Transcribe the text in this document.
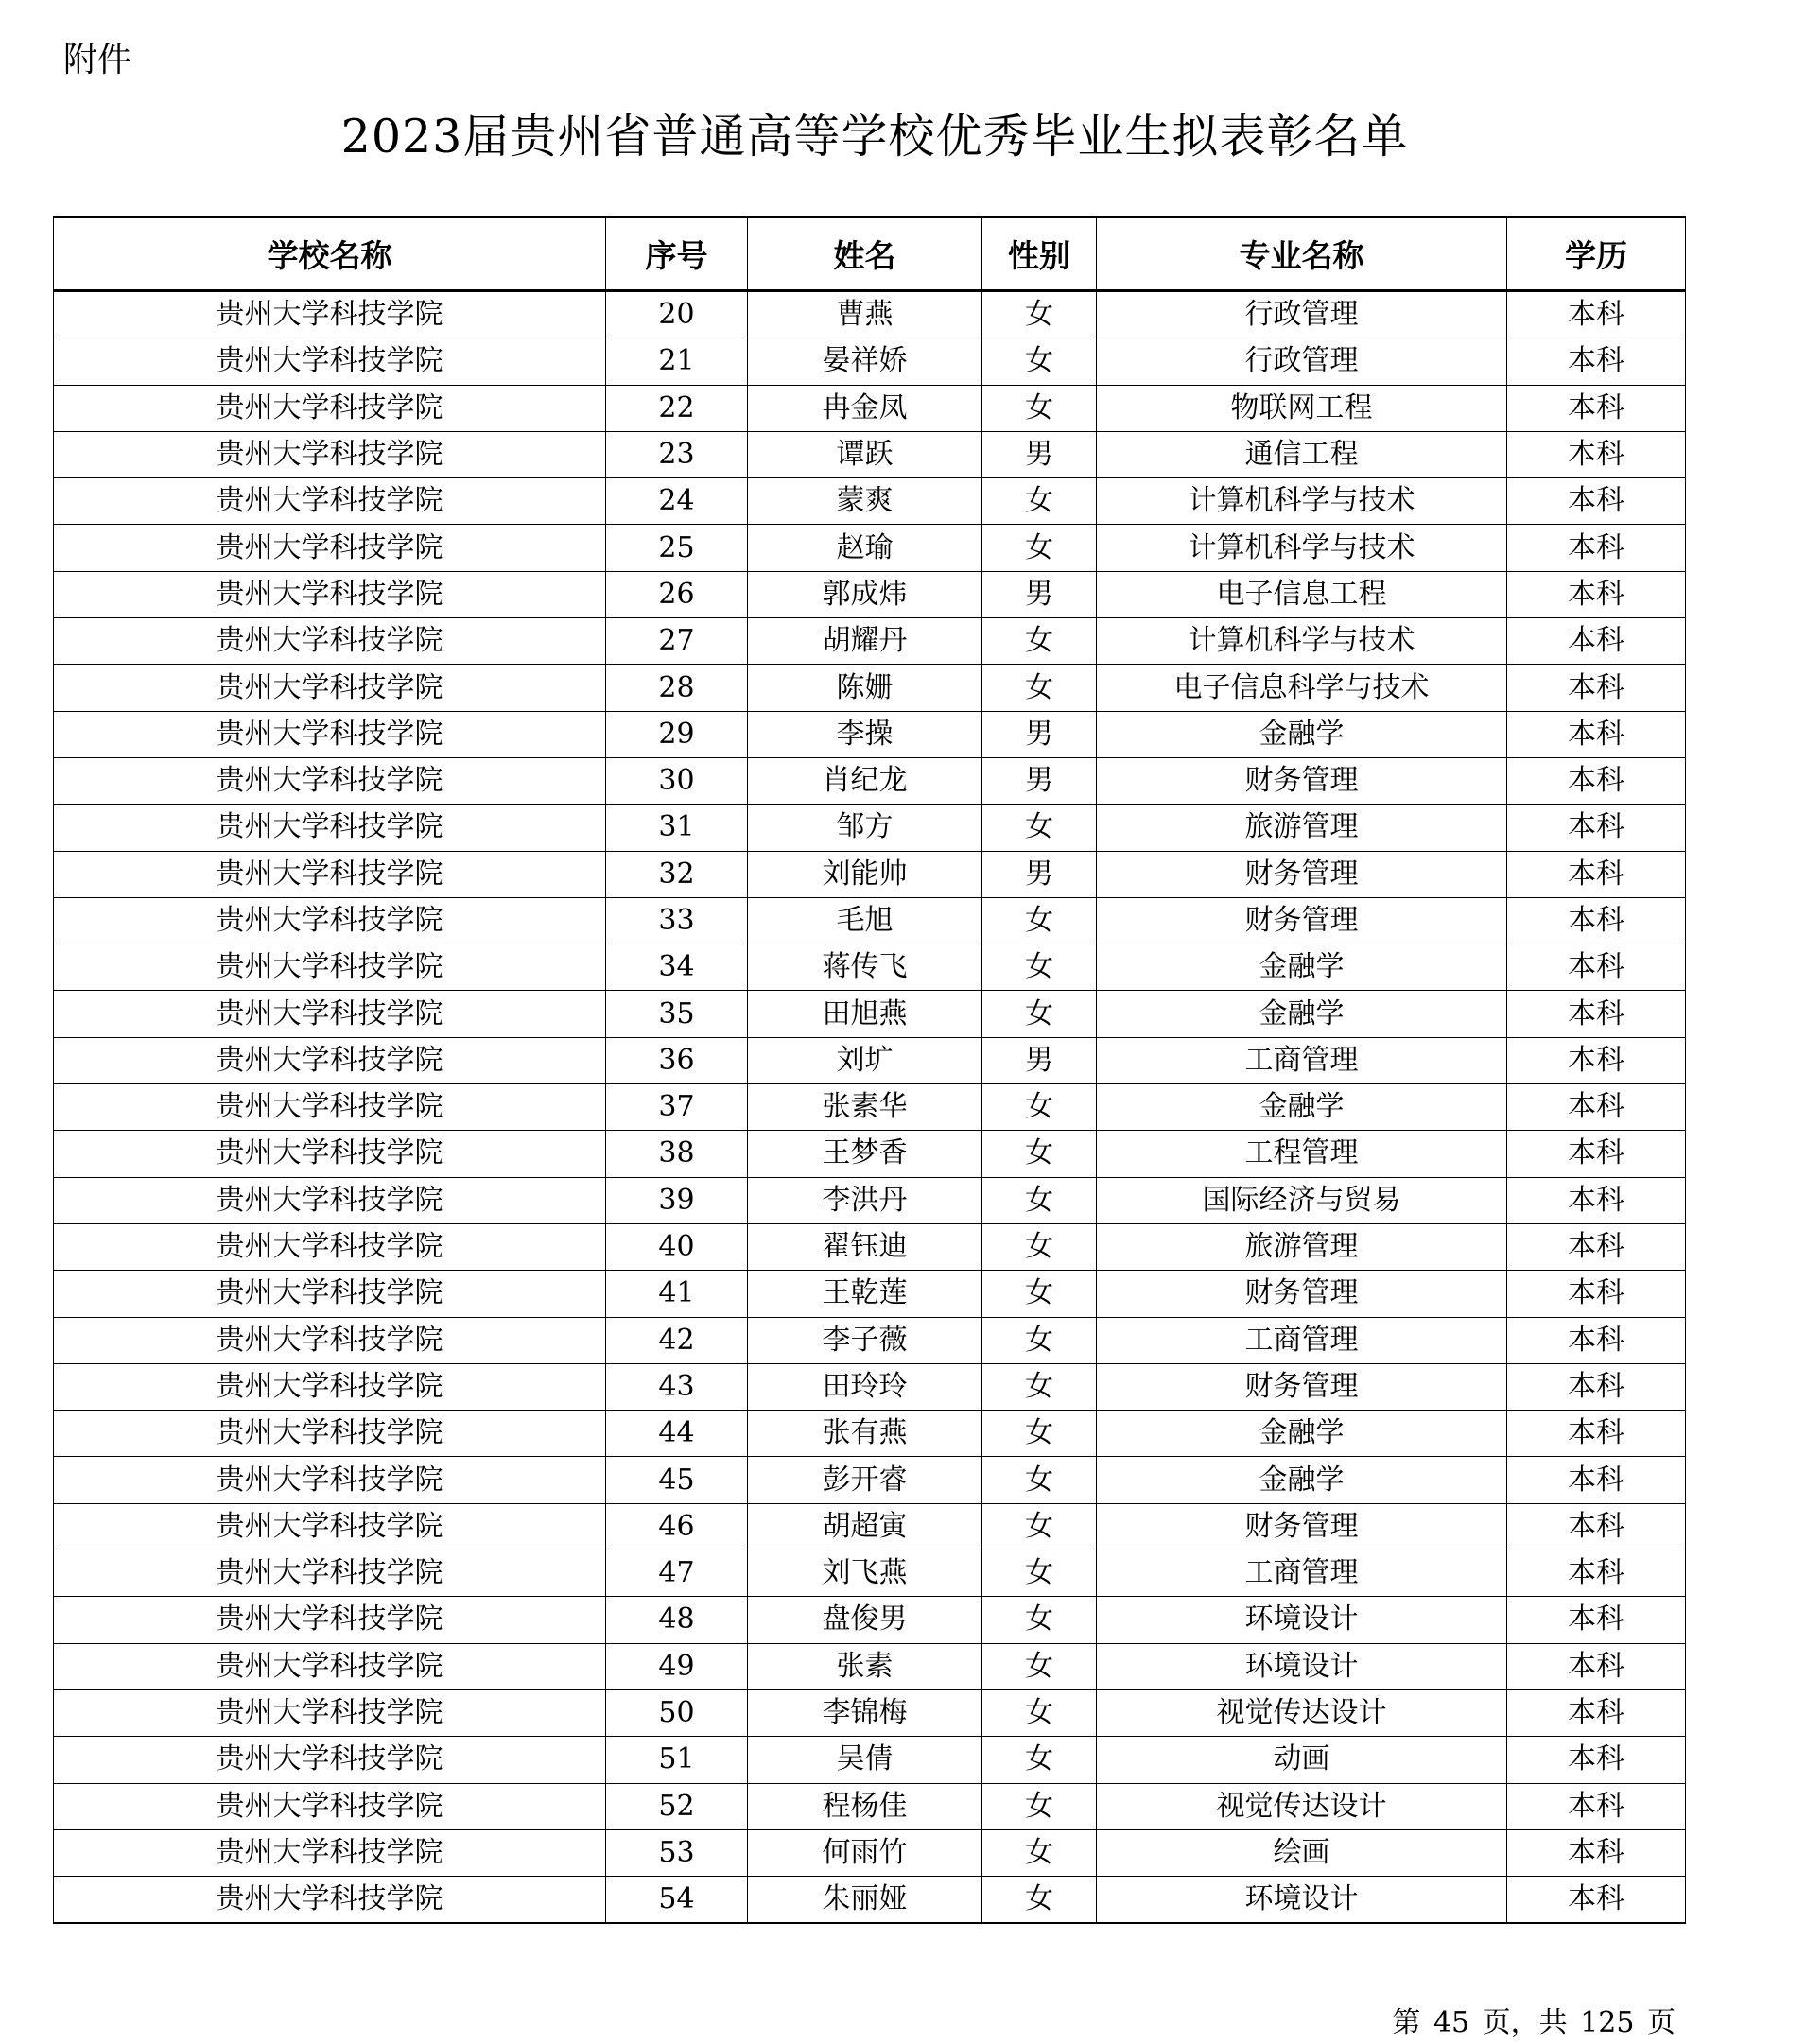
附件
2023届贵州省普通高等学校优秀毕业生拟表彰名单
学校名称	序号	姓名	性别	专业名称	学历
贵州大学科技学院	20	曹燕	女	行政管理	本科
贵州大学科技学院	21	晏祥娇	女	行政管理	本科
贵州大学科技学院	22	冉金凤	女	物联网工程	本科
贵州大学科技学院	23	谭跃	男	通信工程	本科
贵州大学科技学院	24	蒙爽	女	计算机科学与技术	本科
贵州大学科技学院	25	赵瑜	女	计算机科学与技术	本科
贵州大学科技学院	26	郭成炜	男	电子信息工程	本科
贵州大学科技学院	27	胡耀丹	女	计算机科学与技术	本科
贵州大学科技学院	28	陈姗	女	电子信息科学与技术	本科
贵州大学科技学院	29	李操	男	金融学	本科
贵州大学科技学院	30	肖纪龙	男	财务管理	本科
贵州大学科技学院	31	邹方	女	旅游管理	本科
贵州大学科技学院	32	刘能帅	男	财务管理	本科
贵州大学科技学院	33	毛旭	女	财务管理	本科
贵州大学科技学院	34	蒋传飞	女	金融学	本科
贵州大学科技学院	35	田旭燕	女	金融学	本科
贵州大学科技学院	36	刘圹	男	工商管理	本科
贵州大学科技学院	37	张素华	女	金融学	本科
贵州大学科技学院	38	王梦香	女	工程管理	本科
贵州大学科技学院	39	李洪丹	女	国际经济与贸易	本科
贵州大学科技学院	40	翟钰迪	女	旅游管理	本科
贵州大学科技学院	41	王乾莲	女	财务管理	本科
贵州大学科技学院	42	李子薇	女	工商管理	本科
贵州大学科技学院	43	田玲玲	女	财务管理	本科
贵州大学科技学院	44	张有燕	女	金融学	本科
贵州大学科技学院	45	彭开睿	女	金融学	本科
贵州大学科技学院	46	胡超寅	女	财务管理	本科
贵州大学科技学院	47	刘飞燕	女	工商管理	本科
贵州大学科技学院	48	盘俊男	女	环境设计	本科
贵州大学科技学院	49	张素	女	环境设计	本科
贵州大学科技学院	50	李锦梅	女	视觉传达设计	本科
贵州大学科技学院	51	吴倩	女	动画	本科
贵州大学科技学院	52	程杨佳	女	视觉传达设计	本科
贵州大学科技学院	53	何雨竹	女	绘画	本科
贵州大学科技学院	54	朱丽娅	女	环境设计	本科
第 45 页，共 125 页
